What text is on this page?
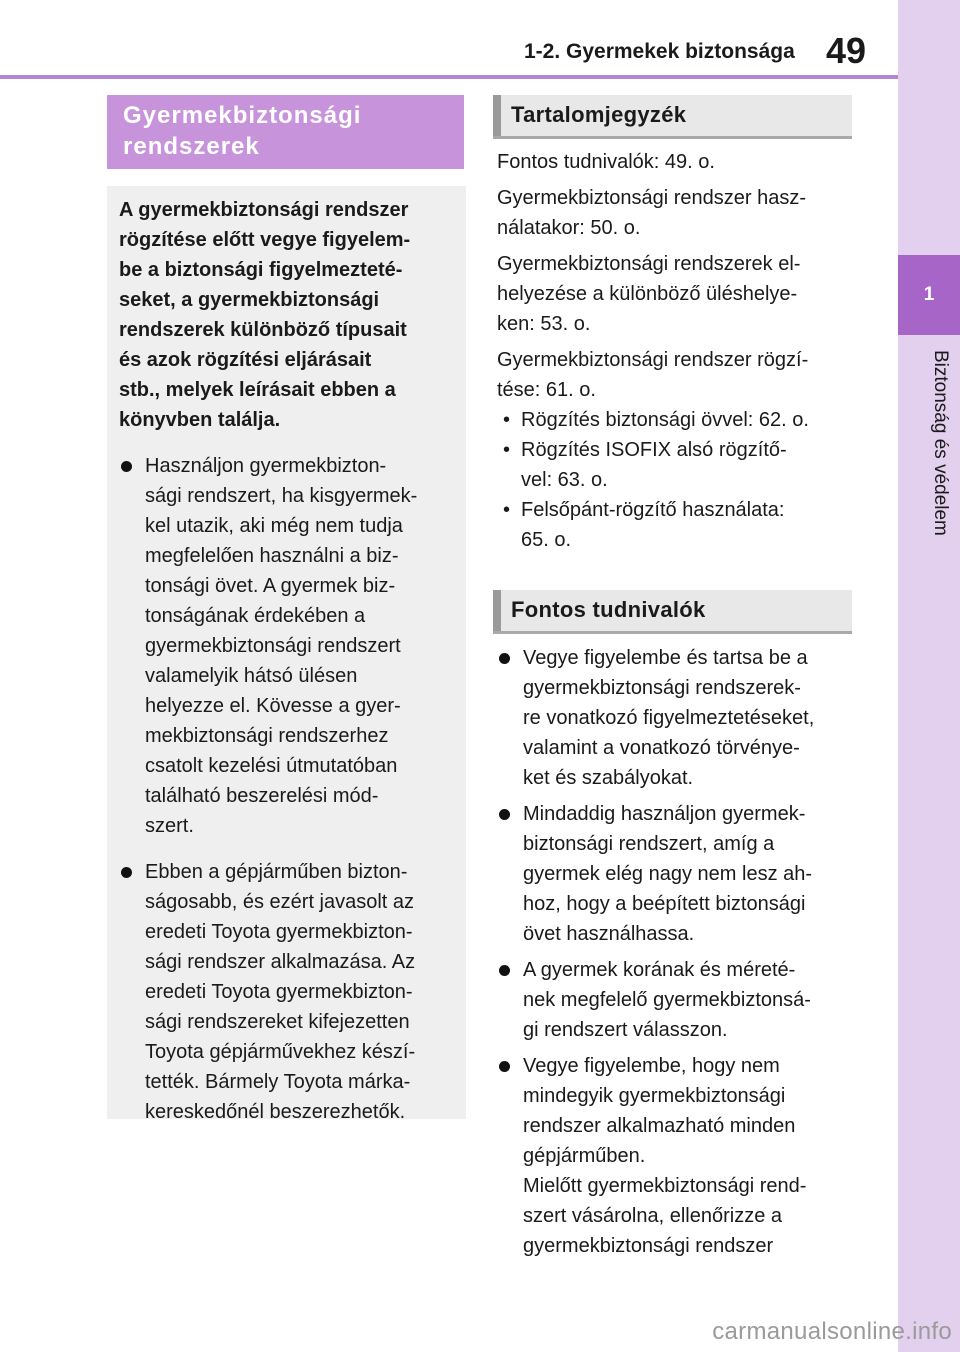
1-2. Gyermekek biztonsága 49
1
Biztonság és védelem
Gyermekbiztonsági
rendszerek
A gyermekbiztonsági rendszer
rögzítése előtt vegye figyelem-
be a biztonsági figyelmezteté-
seket, a gyermekbiztonsági
rendszerek különböző típusait
és azok rögzítési eljárásait
stb., melyek leírásait ebben a
könyvben találja.
Használjon gyermekbizton-
sági rendszert, ha kisgyermek-
kel utazik, aki még nem tudja
megfelelően használni a biz-
tonsági övet. A gyermek biz-
tonságának érdekében a
gyermekbiztonsági rendszert
valamelyik hátsó ülésen
helyezze el. Kövesse a gyer-
mekbiztonsági rendszerhez
csatolt kezelési útmutatóban
található beszerelési mód-
szert.
Ebben a gépjárműben bizton-
ságosabb, és ezért javasolt az
eredeti Toyota gyermekbizton-
sági rendszer alkalmazása. Az
eredeti Toyota gyermekbizton-
sági rendszereket kifejezetten
Toyota gépjárművekhez készí-
tették. Bármely Toyota márka-
kereskedőnél beszerezhetők.
Tartalomjegyzék
Fontos tudnivalók: 49. o.
Gyermekbiztonsági rendszer hasz-
nálatakor: 50. o.
Gyermekbiztonsági rendszerek el-
helyezése a különböző üléshelye-
ken: 53. o.
Gyermekbiztonsági rendszer rögzí-
tése: 61. o.
• Rögzítés biztonsági övvel: 62. o.
• Rögzítés ISOFIX alsó rögzítő-
vel: 63. o.
• Felsőpánt-rögzítő használata:
65. o.
Fontos tudnivalók
Vegye figyelembe és tartsa be a
gyermekbiztonsági rendszerek-
re vonatkozó figyelmeztetéseket,
valamint a vonatkozó törvénye-
ket és szabályokat.
Mindaddig használjon gyermek-
biztonsági rendszert, amíg a
gyermek elég nagy nem lesz ah-
hoz, hogy a beépített biztonsági
övet használhassa.
A gyermek korának és méreté-
nek megfelelő gyermekbiztonsá-
gi rendszert válasszon.
Vegye figyelembe, hogy nem
mindegyik gyermekbiztonsági
rendszer alkalmazható minden
gépjárműben.
Mielőtt gyermekbiztonsági rend-
szert vásárolna, ellenőrizze a
gyermekbiztonsági rendszer
carmanualsonline.info
